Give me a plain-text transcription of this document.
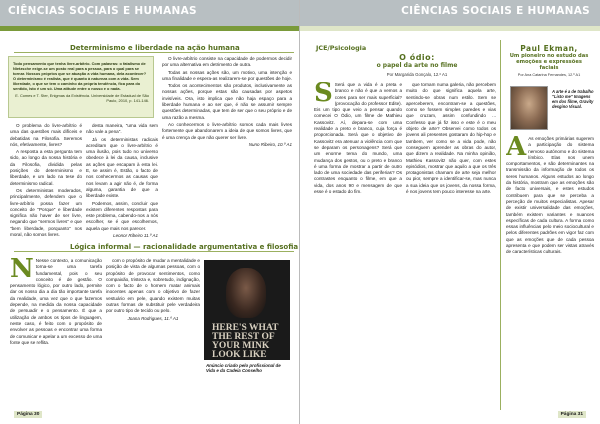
CIÊNCIAS SOCIAIS E HUMANAS
Determinismo e liberdade na ação humana
Todo pensamento que tenha livre-arbítrio. Com palavras: o fatalismo de Nietzsche exige-se um posto real para a pessoa, para o qual para se tornar. Nossos próprios que se atuação a vida humana, dela acontecer? O determinismo é realista, que é quanto à natureza com a vida. Sem liberdade, o que se tem o caminho da própria tendência, fica para do sentido, isto é um só. Uma atitude entre o nosso e o nada.
E. Comes e T. Ster, Enigmas da Existência. Universidade de Estadual de São Paulo, 2010, p. 141-146.

O problema do livre-arbítrio é uma das questões mais difíceis e debatidas na Filosofia. Seremos nós, efetivamente, livres?

A resposta a esta pergunta tem sido, ao longo da nossa história e da Filosofia, dividida pelas posições do determinismo e liberdade, e um lado na tese do determinismo radical.

Os deterministas moderados, principalmente, defendem que o livre-arbítrio possa fazer um conceito de "Porque" e liberdade significa não haver de ser livre, negando que "sermos livres" e que "bem liberdade, porquanto" nos moral, não somos livres.

desta maneira, "uma vida sem não vale a pena".

Já os deterministas radicais acreditam que o livre-arbítrio é uma ilusão, pois tudo no universo obedece à lei da causa, inclusive as ações que escapam à esta lei. E, se assim é, Estão, o facto de nos conhecermos as causas que nos levam a agir não é, de forma alguma, garantia de que a liberdade existe.

Podemos, assim, concluir que existem diferentes respostas para este problema, cabendo-nos a nós escolher, se é que escolhemos, aquela que mais nos parecer.

Leonor Ribeiro 11.º A1

O livre-arbítrio consiste na capacidade de podermos decidir por uma alternativa em detrimento de outra.

Todas as nossas ações são, um motivo, uma intenção e uma finalidade e espera-as realizarem-se por questões de hoje.

Todos os acontecimentos são produtos, inclusivamente as nossas ações, porque estas são causadas por aspetos invisíveis. Ora, isto implica que não haja espaço para a liberdade humana e ao ser que, é não se assumir sempre questões determinadas, que tem de ser que o seu próprio e de uma razão a mesma.

Ao conhecermos o livre-arbítrio somos cada mais livres fortemente que abandonarem a ideia de que somos livres, que é uma crença de que não querer ser livre.

Nuno Ribeiro, 10.º A1
Lógica informal — racionalidade argumentativa e filosofia
N Nesse contexto, a comunicação torna-se uma tarefa fundamental, pois o seu conceito é de gestão. O pensamento lógico, por outro lado, permite dar os nosso dia a dia tão importante tarefa da realidade, uma vez que o que fazemos depende, na medida da nossa capacidade de persuadir e o pensamento. É que a utilização de ambos os tipos de linguagem, neste caso, é feito com o propósito de envolver as pessoas e encontrar uma forma de comunicar e apelar a um excesso de uma fonte que se reflita.

com o propósito de mudar a mentalidade e posição de vista de algumas pessoas, com o propósito de provocar sentimentos, como compaixão, tristeza e, sobretudo, indignação, com o facto de o homem matar animais inocentes apenas com o objetivo de fazer vestuário em pele, quando existem muitas outras formas de substituir pele verdadeira por outro tipo de tecido ou pelo.

Joana Rodrigues, 11.º A1
HERE'S WHAT THE REST OF YOUR MINK LOOK LIKE
Anúncio criado pelo profissional de Vida e da Cadeia Conselho
Página 30
CIÊNCIAS SOCIAIS E HUMANAS
JCE/Psicologia
O ódio:
o papel da arte no filme
Por Margarida Gonçalo, 12.º A1
Paul Ekman,
Um pioneiro no estudo das emoções e expressões faciais
Por Ana Catarina Fernandes, 12.º A1
A arte é a de trabalho "Listo me" Imagens em dos filme, Gravity desgino Visual.
S Será que a vida é a preta e branco e não é que a vemos a cores para ser mais superficial? (provocação do professor Edite). Eis um tipo que veio a pensar quando comecei O Ódio, um filme de Mathieu Kassovitz. Aí, depara-se com uma realidade a preto e branco, cuja força é proporcionada. Será que o objetivo de Kassovitz era atenuar a violência com que se deparam os personagens? Será que um enorme tema do mundo, uma mudança dos gestos, ou o preto e branco é uma forma de mostrar a partir de outro lado de uma sociedade das periferias? Os contrastes enquanto o filme, em que a vida, dos anos 90 e mensagem de que esse é o estado do fim.

que tornam numa galeria, não percebem muito do que significa aquela arte, sentindo-se obras num estilo. Sem se aperceberem, encontram-se a questões, como se fossem simples paredes e vias que cruzam, assim confundindo ... Confesso que já fiz isso e este é o meu objeto de arte? Observei como todos os jovens ali presentes gostaram do hip-hop e tambem, ver como se a vida pode, não conseguem aprender as obras do autor, que dizem a realidade. Na minha opinião, Mathieu Kassovitz não quer, com estes episódios, mostrar que aquilo a que os três protagonistas chamam de arte seja melhor ou pior, sempre a identificar-se, mas nunca a sua ideia que os jovens, da nossa forma, é nos jovens tem pouco interesse na arte.

A As emoções primárias sugerem a participação do sistema nervoso autónomo e do sistema límbico. Elas nos unem comportamentos, e são determinantes na transmissão da informação de todos os seres humanos. Alguns estudos ao longo da história, mostram que as emoções são de facto universais, e estes estudos contribuem para que se perceba a perceção de muitos especialistas. Apesar de existir universalidade das emoções, também existem variantes e nuances específicas de cada cultura. A forma como essas influências pelo meio sociocultural e pelos diferentes padrões em vigor faz com que as emoções que de cada pessoa apresenta e que podem ser vistas através de características culturais.
Página 31
